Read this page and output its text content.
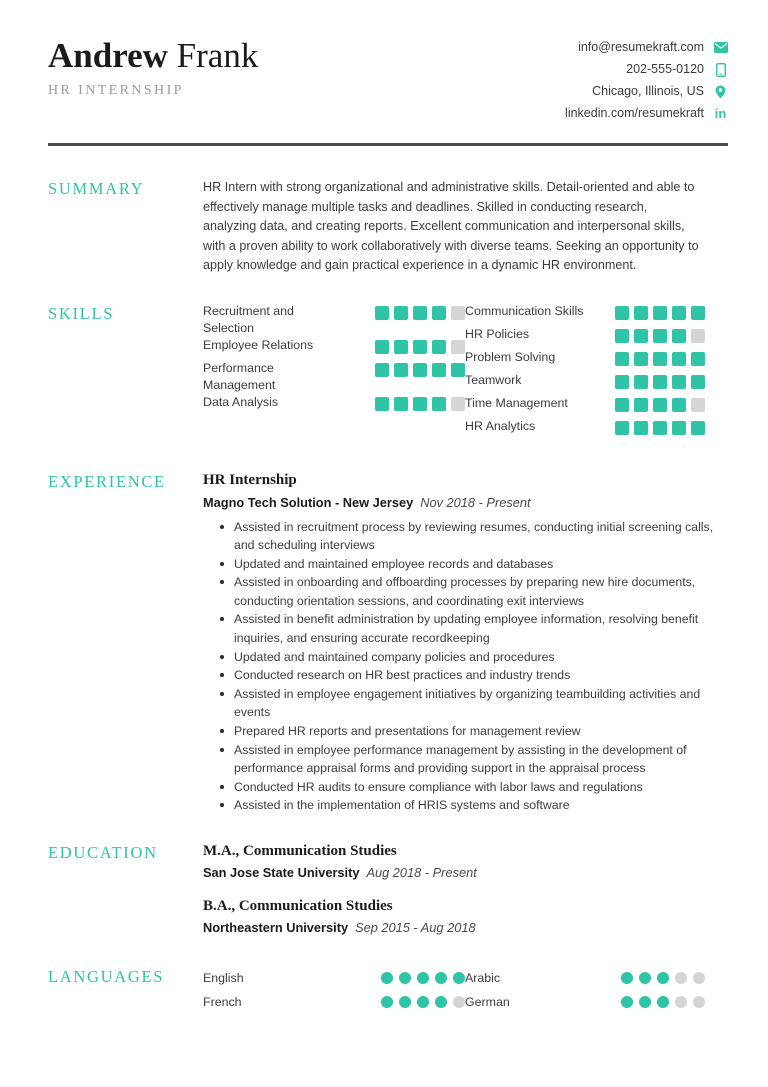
Andrew Frank
HR INTERNSHIP
info@resumekraft.com
202-555-0120
Chicago, Illinois, US
linkedin.com/resumekraft in
SUMMARY	HR Intern with strong organizational and administrative skills. Detail-oriented and able to effectively manage multiple tasks and deadlines. Skilled in conducting research, analyzing data, and creating reports. Excellent communication and interpersonal skills, with a proven ability to work collaboratively with diverse teams. Seeking an opportunity to apply knowledge and gain practical experience in a dynamic HR environment.
SKILLS	Recruitment and Selection
Employee Relations
Performance Management
Data Analysis
Communication Skills
HR Policies
Problem Solving
Teamwork
Time Management
HR Analytics
EXPERIENCE	HR Internship
Magno Tech Solution - New Jersey Nov 2018 - Present
Assisted in recruitment process by reviewing resumes, conducting initial screening calls, and scheduling interviews
Updated and maintained employee records and databases
Assisted in onboarding and offboarding processes by preparing new hire documents, conducting orientation sessions, and coordinating exit interviews
Assisted in benefit administration by updating employee information, resolving benefit inquiries, and ensuring accurate recordkeeping
Updated and maintained company policies and procedures
Conducted research on HR best practices and industry trends
Assisted in employee engagement initiatives by organizing teambuilding activities and events
Prepared HR reports and presentations for management review
Assisted in employee performance management by assisting in the development of performance appraisal forms and providing support in the appraisal process
Conducted HR audits to ensure compliance with labor laws and regulations
Assisted in the implementation of HRIS systems and software
EDUCATION	M.A., Communication Studies
San Jose State University Aug 2018 - Present
B.A., Communication Studies
Northeastern University Sep 2015 - Aug 2018
LANGUAGES	English
French
Arabic
German
